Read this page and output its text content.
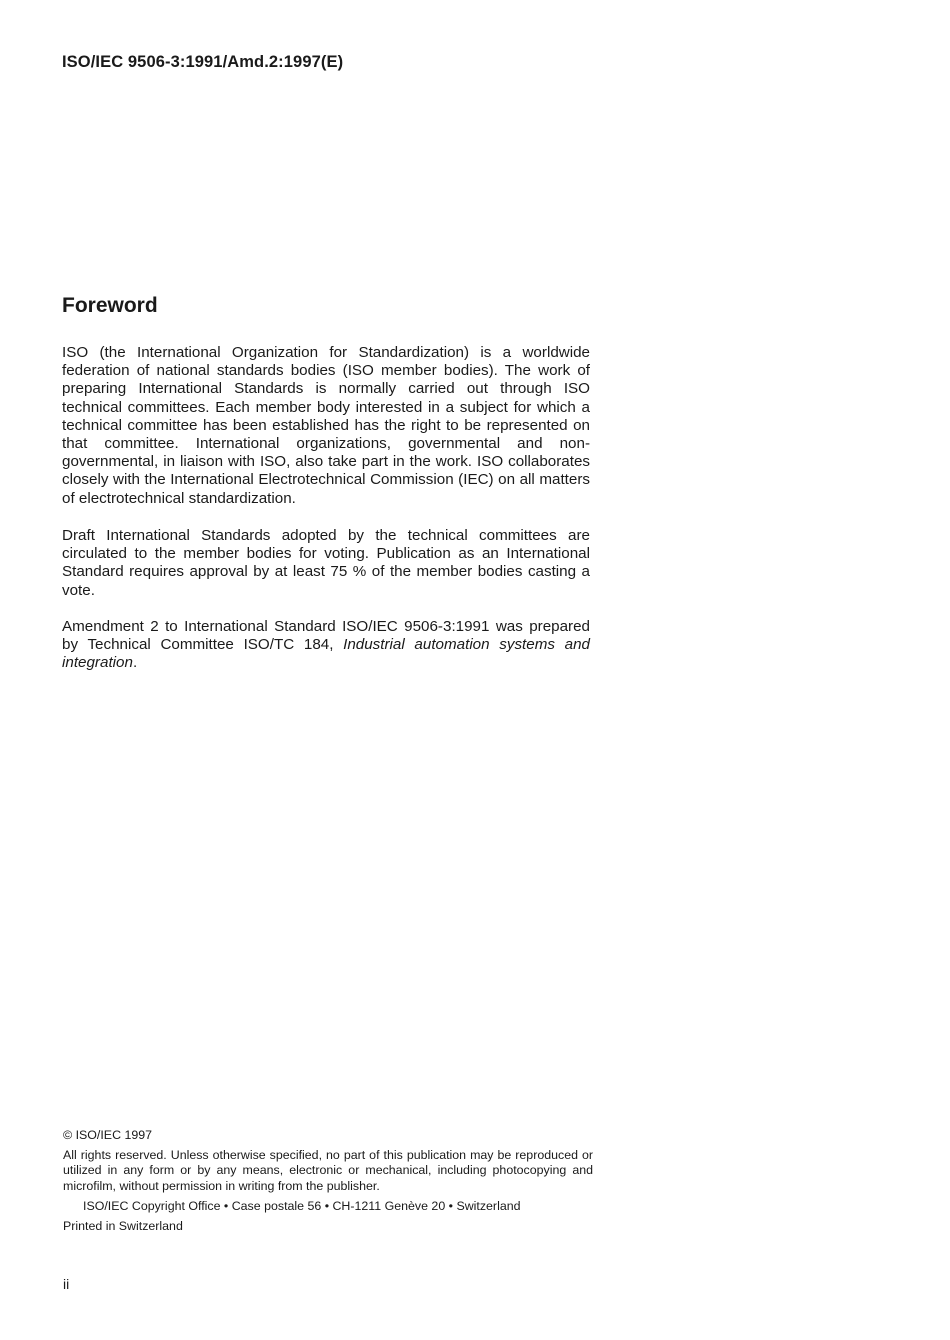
ISO/IEC 9506-3:1991/Amd.2:1997(E)

Foreword

ISO (the International Organization for Standardization) is a worldwide federation of national standards bodies (ISO member bodies). The work of preparing International Standards is normally carried out through ISO technical committees. Each member body interested in a subject for which a technical committee has been established has the right to be represented on that committee. International organizations, governmental and non-governmental, in liaison with ISO, also take part in the work. ISO collaborates closely with the International Electrotechnical Commission (IEC) on all matters of electrotechnical standardization.

Draft International Standards adopted by the technical committees are circulated to the member bodies for voting. Publication as an International Standard requires approval by at least 75 % of the member bodies casting a vote.

Amendment 2 to International Standard ISO/IEC 9506-3:1991 was prepared by Technical Committee ISO/TC 184, Industrial automation systems and integration.

© ISO/IEC 1997

All rights reserved. Unless otherwise specified, no part of this publication may be reproduced or utilized in any form or by any means, electronic or mechanical, including photocopying and microfilm, without permission in writing from the publisher.

ISO/IEC Copyright Office • Case postale 56 • CH-1211 Genève 20 • Switzerland

Printed in Switzerland

ii
